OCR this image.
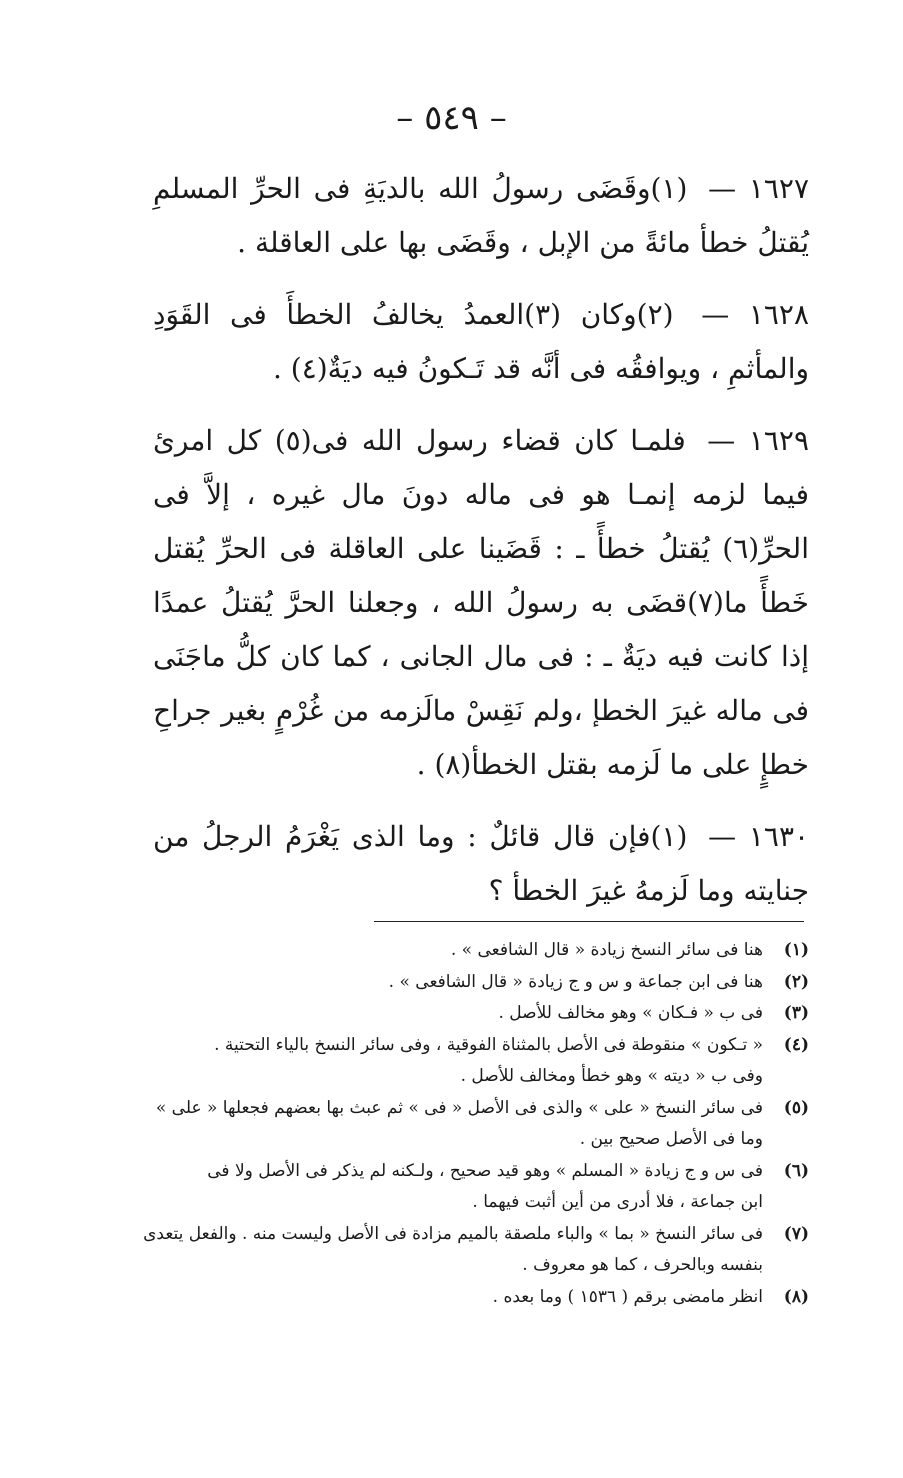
– ٥٤٩ –

١٦٢٧ — (١)وقَضَى رسولُ الله بالديَةِ فى الحرِّ المسلمِ يُقتلُ خطأ مائةً من الإبل ، وقَضَى بها على العاقلة .

١٦٢٨ — (٢)وكان (٣)العمدُ يخالفُ الخطأَ فى القَوَدِ والمأثمِ ، ويوافقُه فى أنَّه قد تَـكونُ فيه ديَةٌ(٤) .

١٦٢٩ — فلمـا كان قضاء رسول الله فى(٥) كل امرئ فيما لزمه إنمـا هو فى ماله دونَ مال غيره ، إلاَّ فى الحرِّ(٦) يُقتلُ خطأً ـ : قَضَينا على العاقلة فى الحرِّ يُقتل خَطأً ما(٧)قضَى به رسولُ الله ، وجعلنا الحرَّ يُقتلُ عمدًا إذا كانت فيه ديَةٌ ـ : فى مال الجانى ، كما كان كلُّ ماجَنَى فى ماله غيرَ الخطإ ،ولم نَقِسْ مالَزمه من غُرْمٍ بغير جراحِ خطإٍ على ما لَزمه بقتل الخطأ(٨) .

١٦٣٠ — (١)فإن قال قائلٌ : وما الذى يَغْرَمُ الرجلُ من جنايته وما لَزمهُ غيرَ الخطأ ؟

(١)
هنا فى سائر النسخ زيادة « قال الشافعى » .

(٢)
هنا فى ابن جماعة و س و ج زيادة « قال الشافعى » .

(٣)
فى ب « فـكان » وهو مخالف للأصل .

(٤)
« تـكون » منقوطة فى الأصل بالمثناة الفوقية ، وفى سائر النسخ بالياء التحتية .
وفى ب « ديته » وهو خطأ ومخالف للأصل .

(٥)
فى سائر النسخ « على » والذى فى الأصل « فى » ثم عبث بها بعضهم فجعلها « على »
وما فى الأصل صحيح بين .

(٦)
فى س و ج زيادة « المسلم » وهو قيد صحيح ، ولـكنه لم يذكر فى الأصل ولا فى
ابن جماعة ، فلا أدرى من أين أثبت فيهما .

(٧)
فى سائر النسخ « بما » والباء ملصقة بالميم مزادة فى الأصل وليست منه . والفعل يتعدى
بنفسه وبالحرف ، كما هو معروف .

(٨)
انظر مامضى برقم ( ١٥٣٦ ) وما بعده .
